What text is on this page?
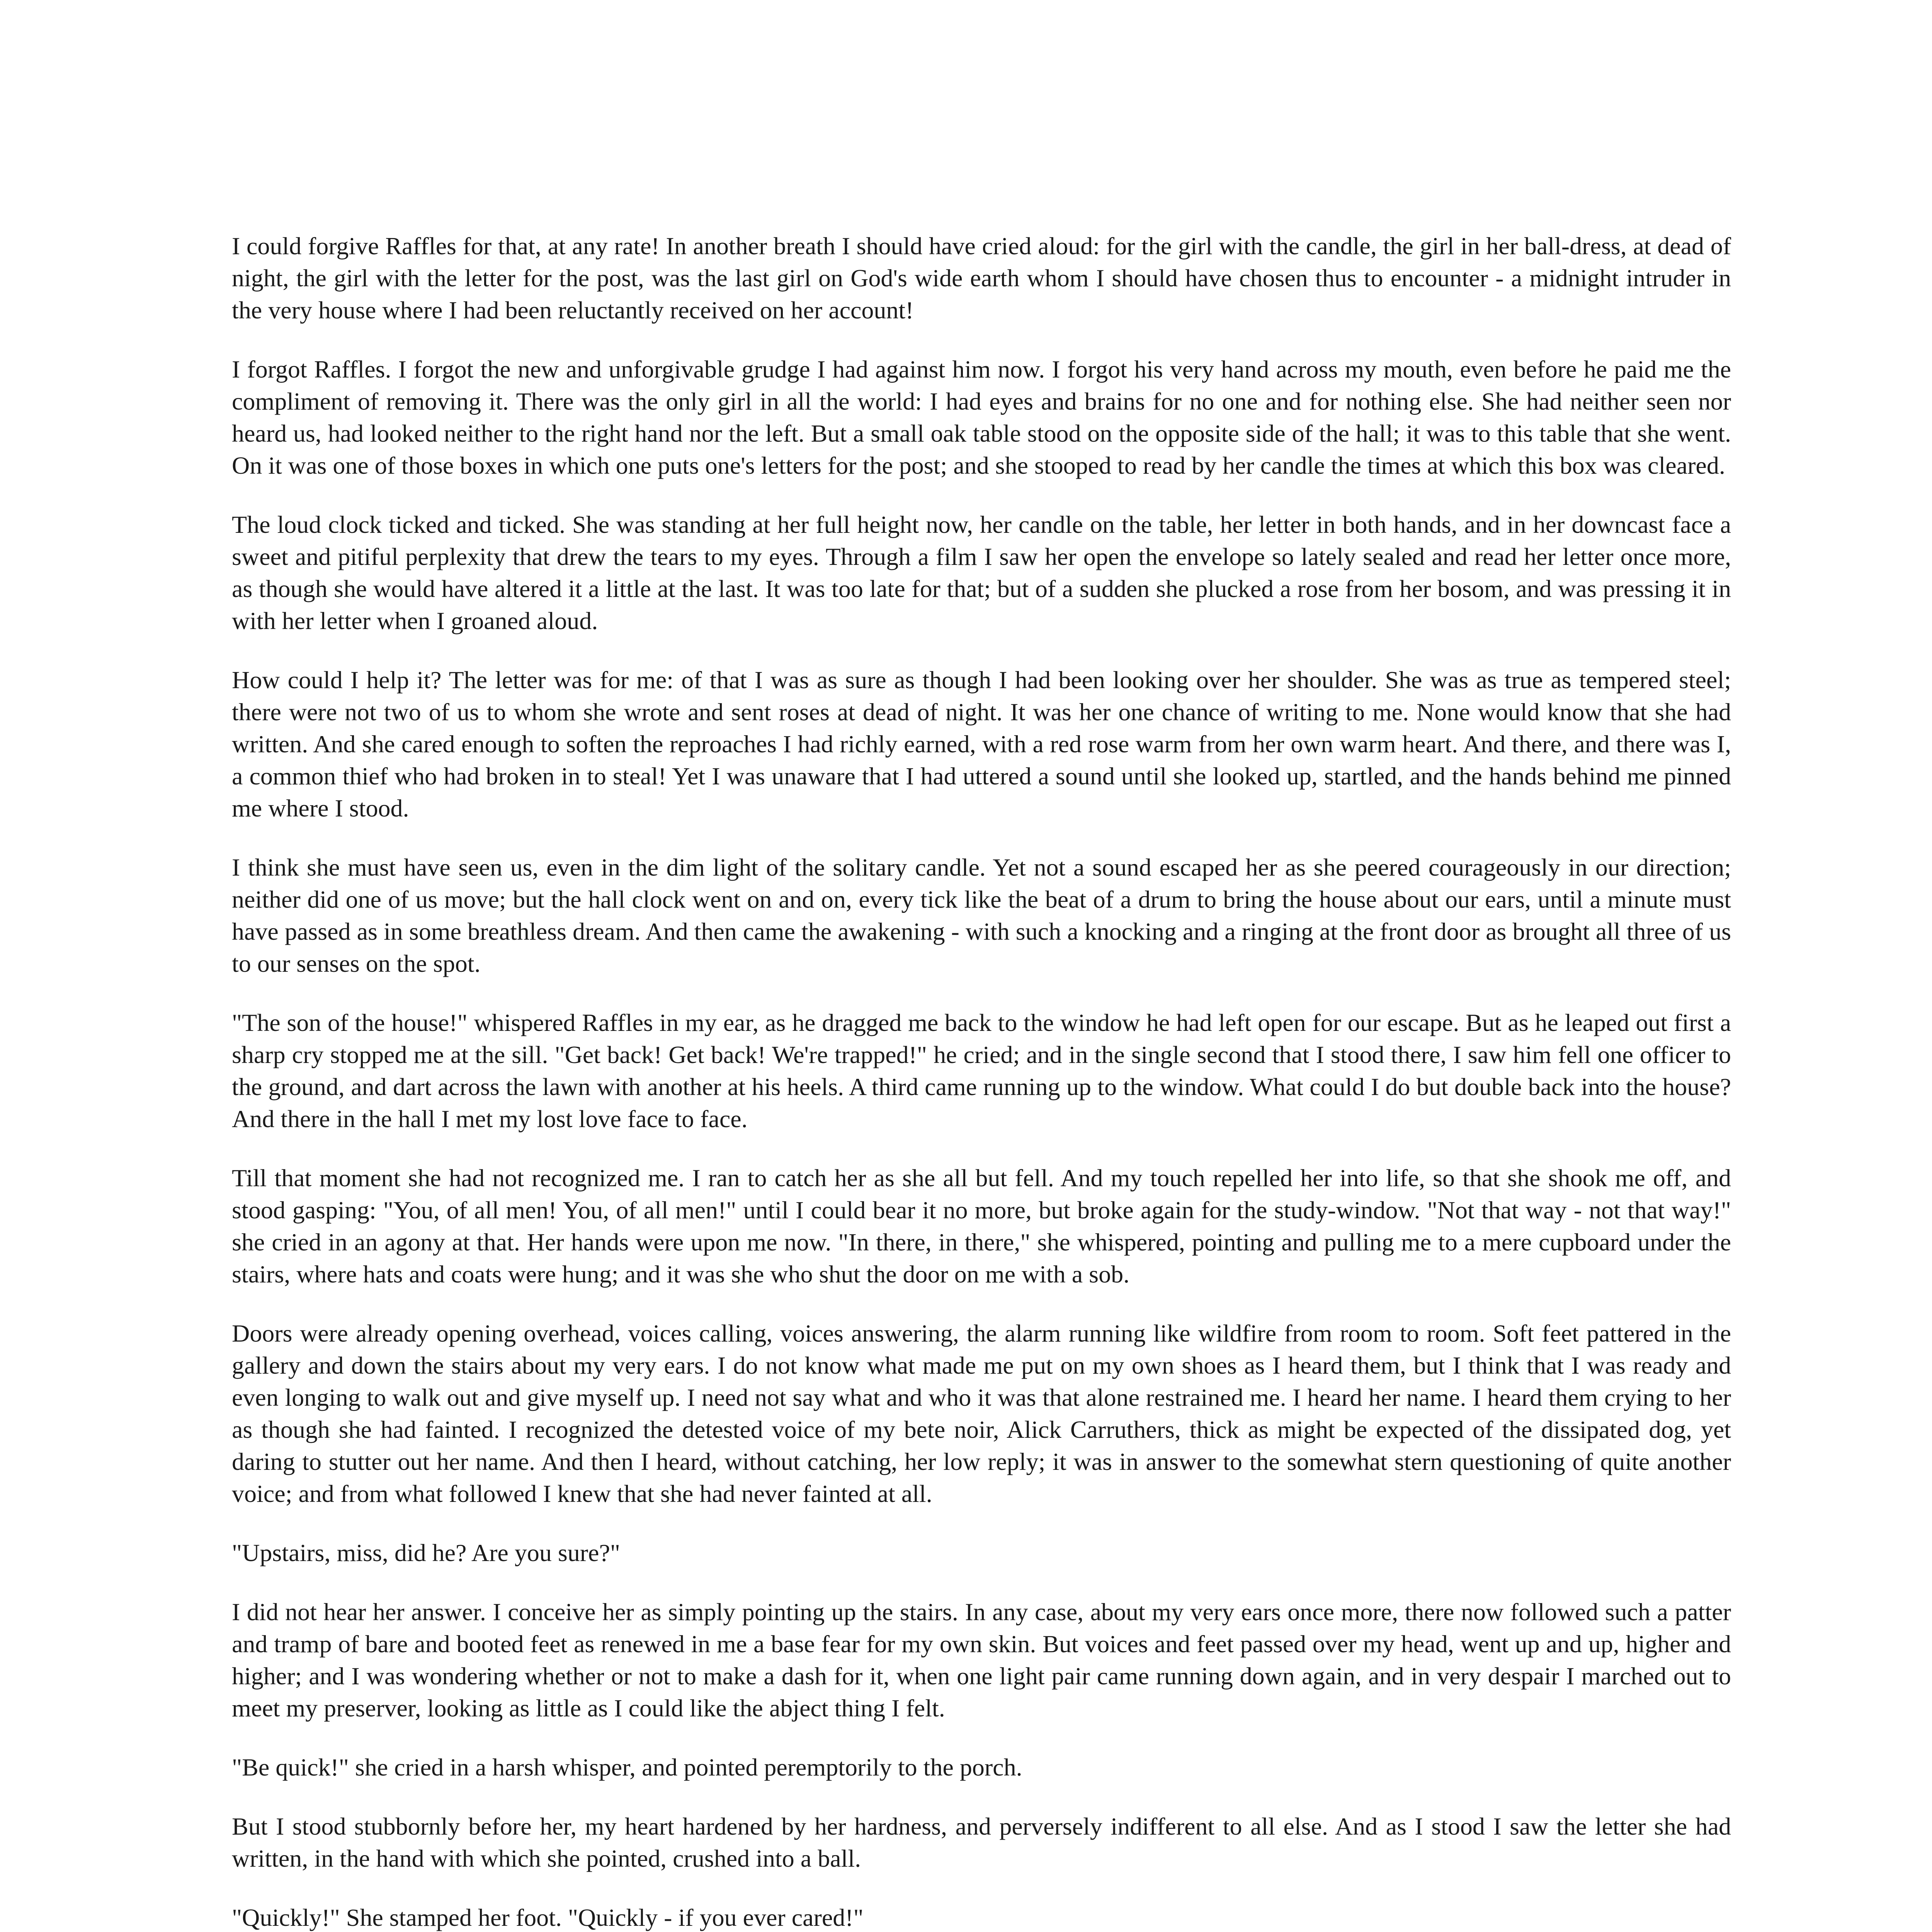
I could forgive Raffles for that, at any rate! In another breath I should have cried aloud: for the girl with the candle, the girl in her ball-dress, at dead of night, the girl with the letter for the post, was the last girl on God's wide earth whom I should have chosen thus to encounter - a midnight intruder in the very house where I had been reluctantly received on her account!

I forgot Raffles. I forgot the new and unforgivable grudge I had against him now. I forgot his very hand across my mouth, even before he paid me the compliment of removing it. There was the only girl in all the world: I had eyes and brains for no one and for nothing else. She had neither seen nor heard us, had looked neither to the right hand nor the left. But a small oak table stood on the opposite side of the hall; it was to this table that she went. On it was one of those boxes in which one puts one's letters for the post; and she stooped to read by her candle the times at which this box was cleared.

The loud clock ticked and ticked. She was standing at her full height now, her candle on the table, her letter in both hands, and in her downcast face a sweet and pitiful perplexity that drew the tears to my eyes. Through a film I saw her open the envelope so lately sealed and read her letter once more, as though she would have altered it a little at the last. It was too late for that; but of a sudden she plucked a rose from her bosom, and was pressing it in with her letter when I groaned aloud.

How could I help it? The letter was for me: of that I was as sure as though I had been looking over her shoulder. She was as true as tempered steel; there were not two of us to whom she wrote and sent roses at dead of night. It was her one chance of writing to me. None would know that she had written. And she cared enough to soften the reproaches I had richly earned, with a red rose warm from her own warm heart. And there, and there was I, a common thief who had broken in to steal! Yet I was unaware that I had uttered a sound until she looked up, startled, and the hands behind me pinned me where I stood.

I think she must have seen us, even in the dim light of the solitary candle. Yet not a sound escaped her as she peered courageously in our direction; neither did one of us move; but the hall clock went on and on, every tick like the beat of a drum to bring the house about our ears, until a minute must have passed as in some breathless dream. And then came the awakening - with such a knocking and a ringing at the front door as brought all three of us to our senses on the spot.

"The son of the house!" whispered Raffles in my ear, as he dragged me back to the window he had left open for our escape. But as he leaped out first a sharp cry stopped me at the sill. "Get back! Get back! We're trapped!" he cried; and in the single second that I stood there, I saw him fell one officer to the ground, and dart across the lawn with another at his heels. A third came running up to the window. What could I do but double back into the house? And there in the hall I met my lost love face to face.

Till that moment she had not recognized me. I ran to catch her as she all but fell. And my touch repelled her into life, so that she shook me off, and stood gasping: "You, of all men! You, of all men!" until I could bear it no more, but broke again for the study-window. "Not that way - not that way!" she cried in an agony at that. Her hands were upon me now. "In there, in there," she whispered, pointing and pulling me to a mere cupboard under the stairs, where hats and coats were hung; and it was she who shut the door on me with a sob.

Doors were already opening overhead, voices calling, voices answering, the alarm running like wildfire from room to room. Soft feet pattered in the gallery and down the stairs about my very ears. I do not know what made me put on my own shoes as I heard them, but I think that I was ready and even longing to walk out and give myself up. I need not say what and who it was that alone restrained me. I heard her name. I heard them crying to her as though she had fainted. I recognized the detested voice of my bete noir, Alick Carruthers, thick as might be expected of the dissipated dog, yet daring to stutter out her name. And then I heard, without catching, her low reply; it was in answer to the somewhat stern questioning of quite another voice; and from what followed I knew that she had never fainted at all.

"Upstairs, miss, did he? Are you sure?"

I did not hear her answer. I conceive her as simply pointing up the stairs. In any case, about my very ears once more, there now followed such a patter and tramp of bare and booted feet as renewed in me a base fear for my own skin. But voices and feet passed over my head, went up and up, higher and higher; and I was wondering whether or not to make a dash for it, when one light pair came running down again, and in very despair I marched out to meet my preserver, looking as little as I could like the abject thing I felt.

"Be quick!" she cried in a harsh whisper, and pointed peremptorily to the porch.

But I stood stubbornly before her, my heart hardened by her hardness, and perversely indifferent to all else. And as I stood I saw the letter she had written, in the hand with which she pointed, crushed into a ball.

"Quickly!" She stamped her foot. "Quickly - if you ever cared!"
